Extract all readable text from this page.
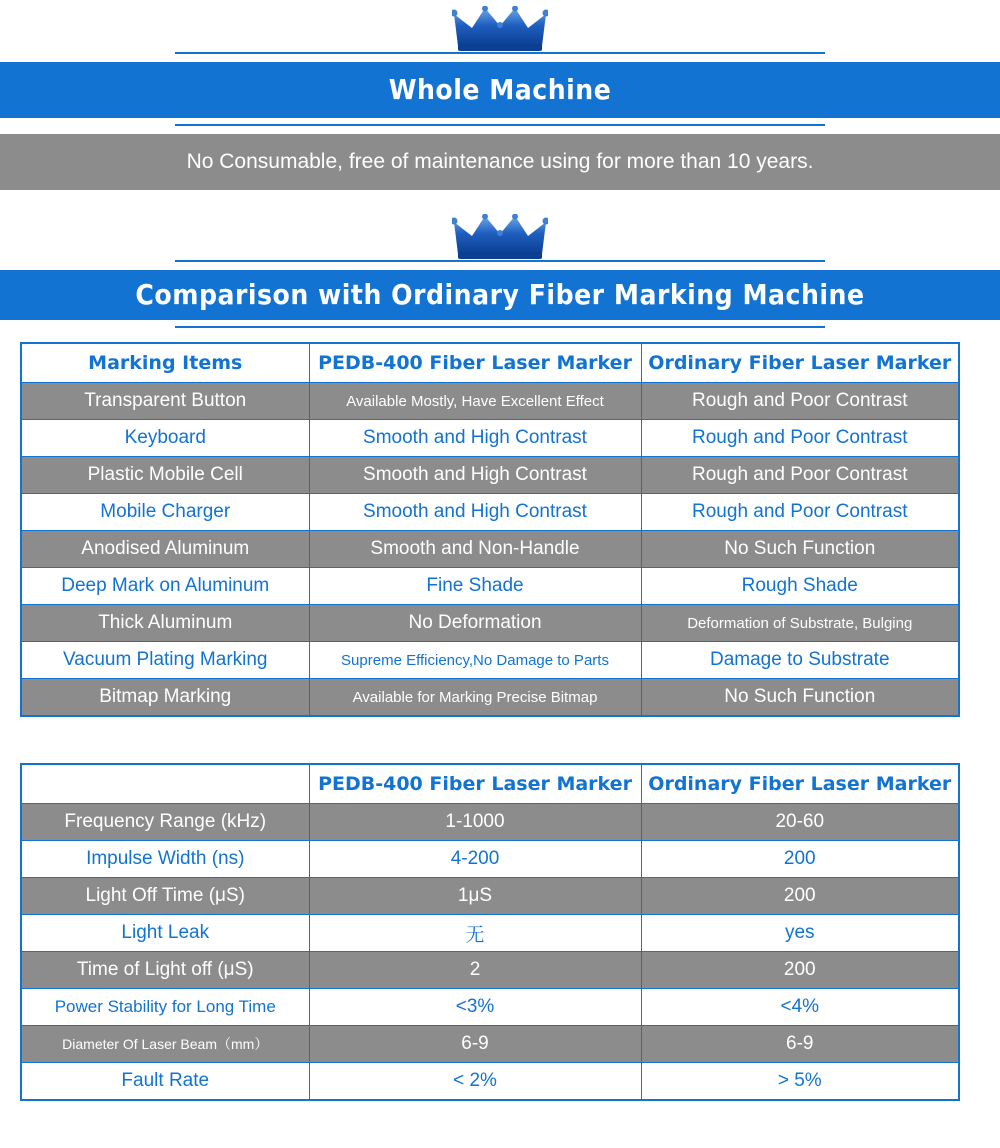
Whole Machine
No Consumable, free of maintenance using for more than 10 years.
Comparison with Ordinary Fiber Marking Machine
Marking Items	PEDB-400 Fiber Laser Marker	Ordinary Fiber Laser Marker
Transparent Button	Available Mostly, Have Excellent Effect	Rough and Poor Contrast
Keyboard	Smooth and High Contrast	Rough and Poor Contrast
Plastic Mobile Cell	Smooth and High Contrast	Rough and Poor Contrast
Mobile Charger	Smooth and High Contrast	Rough and Poor Contrast
Anodised Aluminum	Smooth and Non-Handle	No Such Function
Deep Mark on Aluminum	Fine Shade	Rough Shade
Thick Aluminum	No Deformation	Deformation of Substrate, Bulging
Vacuum Plating Marking	Supreme Efficiency,No Damage to Parts	Damage to Substrate
Bitmap Marking	Available for Marking Precise Bitmap	No Such Function
	PEDB-400 Fiber Laser Marker	Ordinary Fiber Laser Marker
Frequency Range (kHz)	1-1000	20-60
Impulse Width (ns)	4-200	200
Light Off Time (μS)	1μS	200
Light Leak	无	yes
Time of Light off (μS)	2	200
Power Stability for Long Time	<3%	<4%
Diameter Of Laser Beam（mm）	6-9	6-9
Fault Rate	< 2%	> 5%
